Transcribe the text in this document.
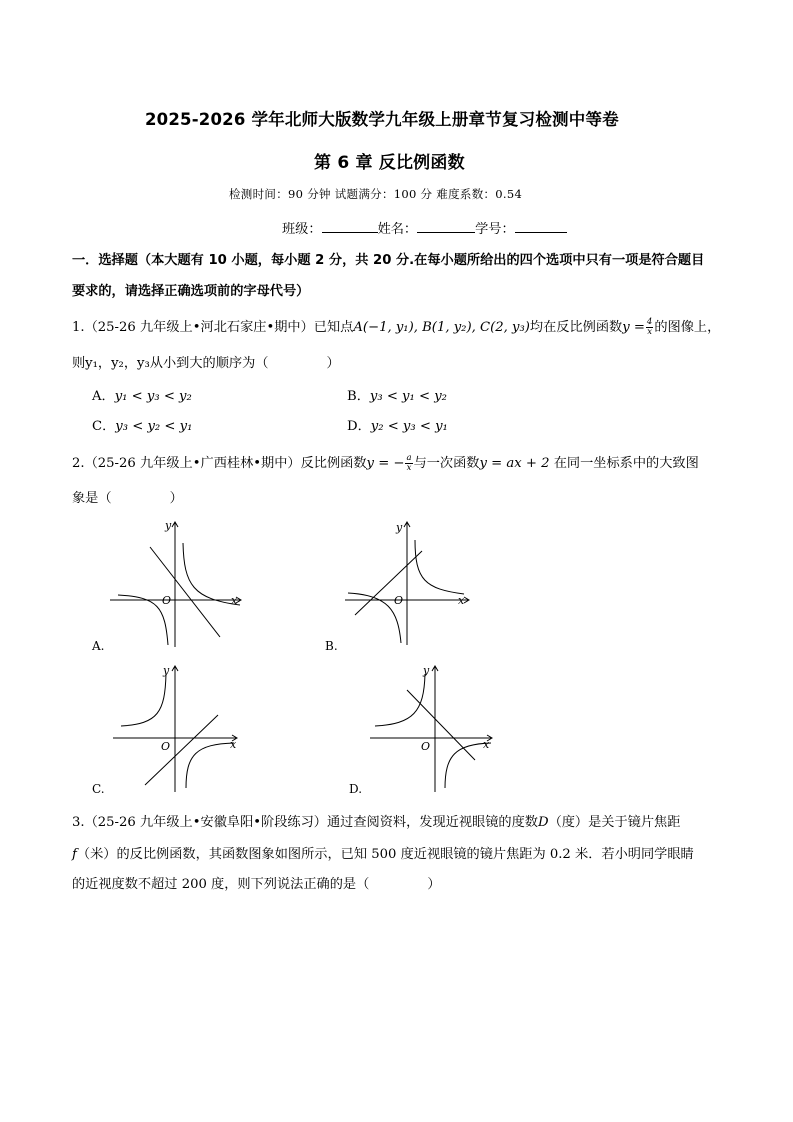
2025-2026 学年北师大版数学九年级上册章节复习检测中等卷
第 6 章 反比例函数
检测时间：90 分钟 试题满分：100 分 难度系数：0.54
班级：	姓名：	学号：
一．选择题（本大题有 10 小题，每小题 2 分，共 20 分.在每小题所给出的四个选项中只有一项是符合题目
要求的，请选择正确选项前的字母代号）
1.（25-26 九年级上•河北石家庄•期中）已知点A(−1, y₁), B(1, y₂), C(2, y₃)均在反比例函数$y = \frac{4}{x}$ 的图像上，
则y₁，y₂，y₃从小到大的顺序为（	）
A．y₁ < y₃ < y₂	B．y₃ < y₁ < y₂
C．y₃ < y₂ < y₁	D．y₂ < y₃ < y₁
2.（25-26 九年级上•广西桂林•期中）反比例函数y = − $\frac{a}{x}$ 与一次函数y = ax + 2 在同一坐标系中的大致图
象是（	）
y
x
O
A.
y
x
O
B.
y
x
O
C.
y
x
O
D.
3.（25-26 九年级上•安徽阜阳•阶段练习）通过查阅资料，发现近视眼镜的度数D（度）是关于镜片焦距
f（米）的反比例函数，其函数图象如图所示，已知 500 度近视眼镜的镜片焦距为 0.2 米．若小明同学眼睛
的近视度数不超过 200 度，则下列说法正确的是（	）
